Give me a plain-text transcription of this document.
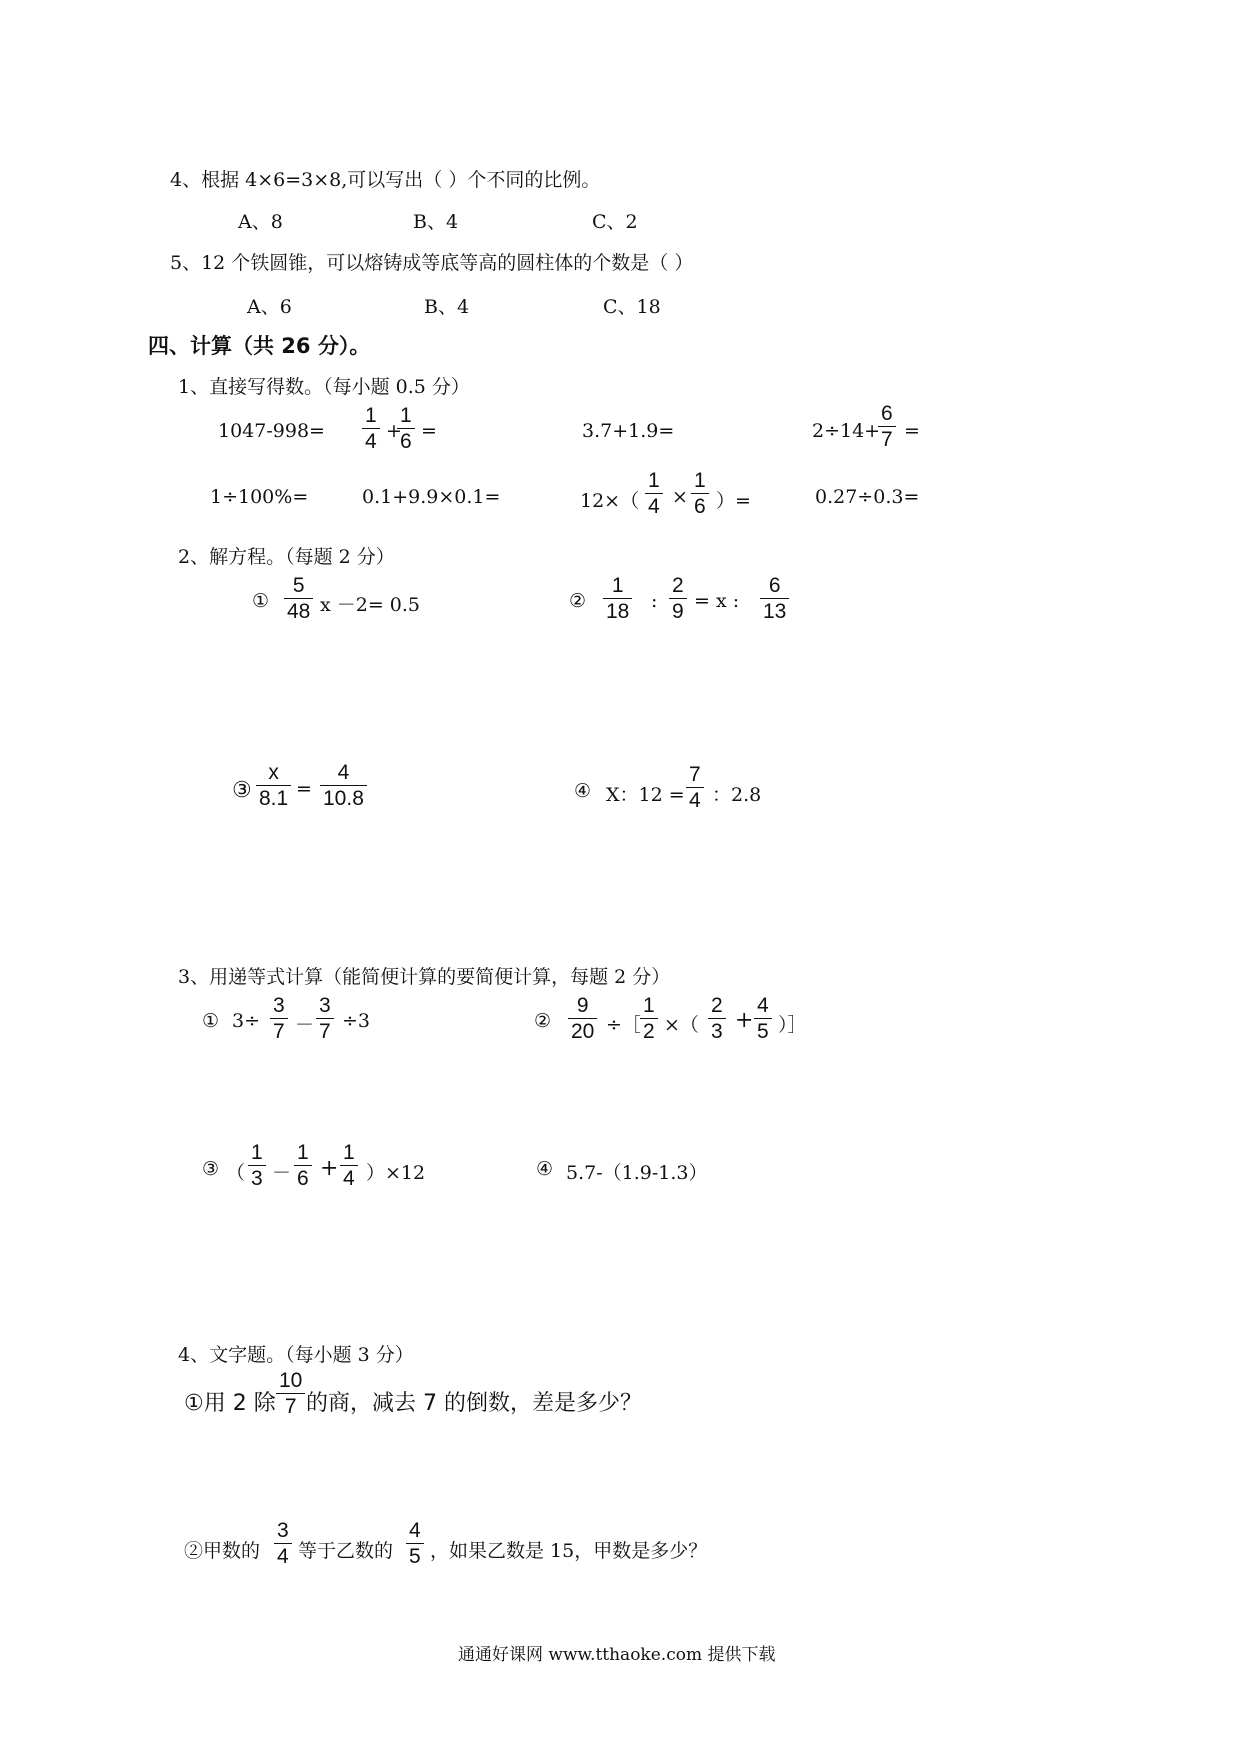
4、根据 4×6=3×8,可以写出（ ）个不同的比例。
A、8	B、4	C、2
5、12 个铁圆锥，可以熔铸成等底等高的圆柱体的个数是（ ）
A、6	B、4	C、18
四、计算（共 26 分）。
1、直接写得数。（每小题 0.5 分）
1047-998=
1
4 +
1
6 =	3.7+1.9=	2÷14+
6
7 =
1÷100%=	0.1+9.9×0.1=	12×（
1
4 ×
1
6 ）=	0.27÷0.3=
2、解方程。（每题 2 分）
①
5
48 x －2= 0.5	②
1
18 :
2
9 = x :
6
13
③
x
8.1 =
4
10.8	④ X：12 =
7
4 ：2.8
3、用递等式计算（能简便计算的要简便计算，每题 2 分）
① 3÷
3
7 －
3
7 ÷3	②
9
20 ÷［
1
2 ×（
2
3 +
4
5 ）］
③ （
1
3 －
1
6 +
1
4 ）×12	④ 5.7-（1.9-1.3）
4、文字题。（每小题 3 分）
①用 2 除
10
7 的商，减去 7 的倒数，差是多少？
②甲数的
3
4 等于乙数的
4
5 ，如果乙数是 15，甲数是多少？
通通好课网 www.tthaoke.com 提供下载
